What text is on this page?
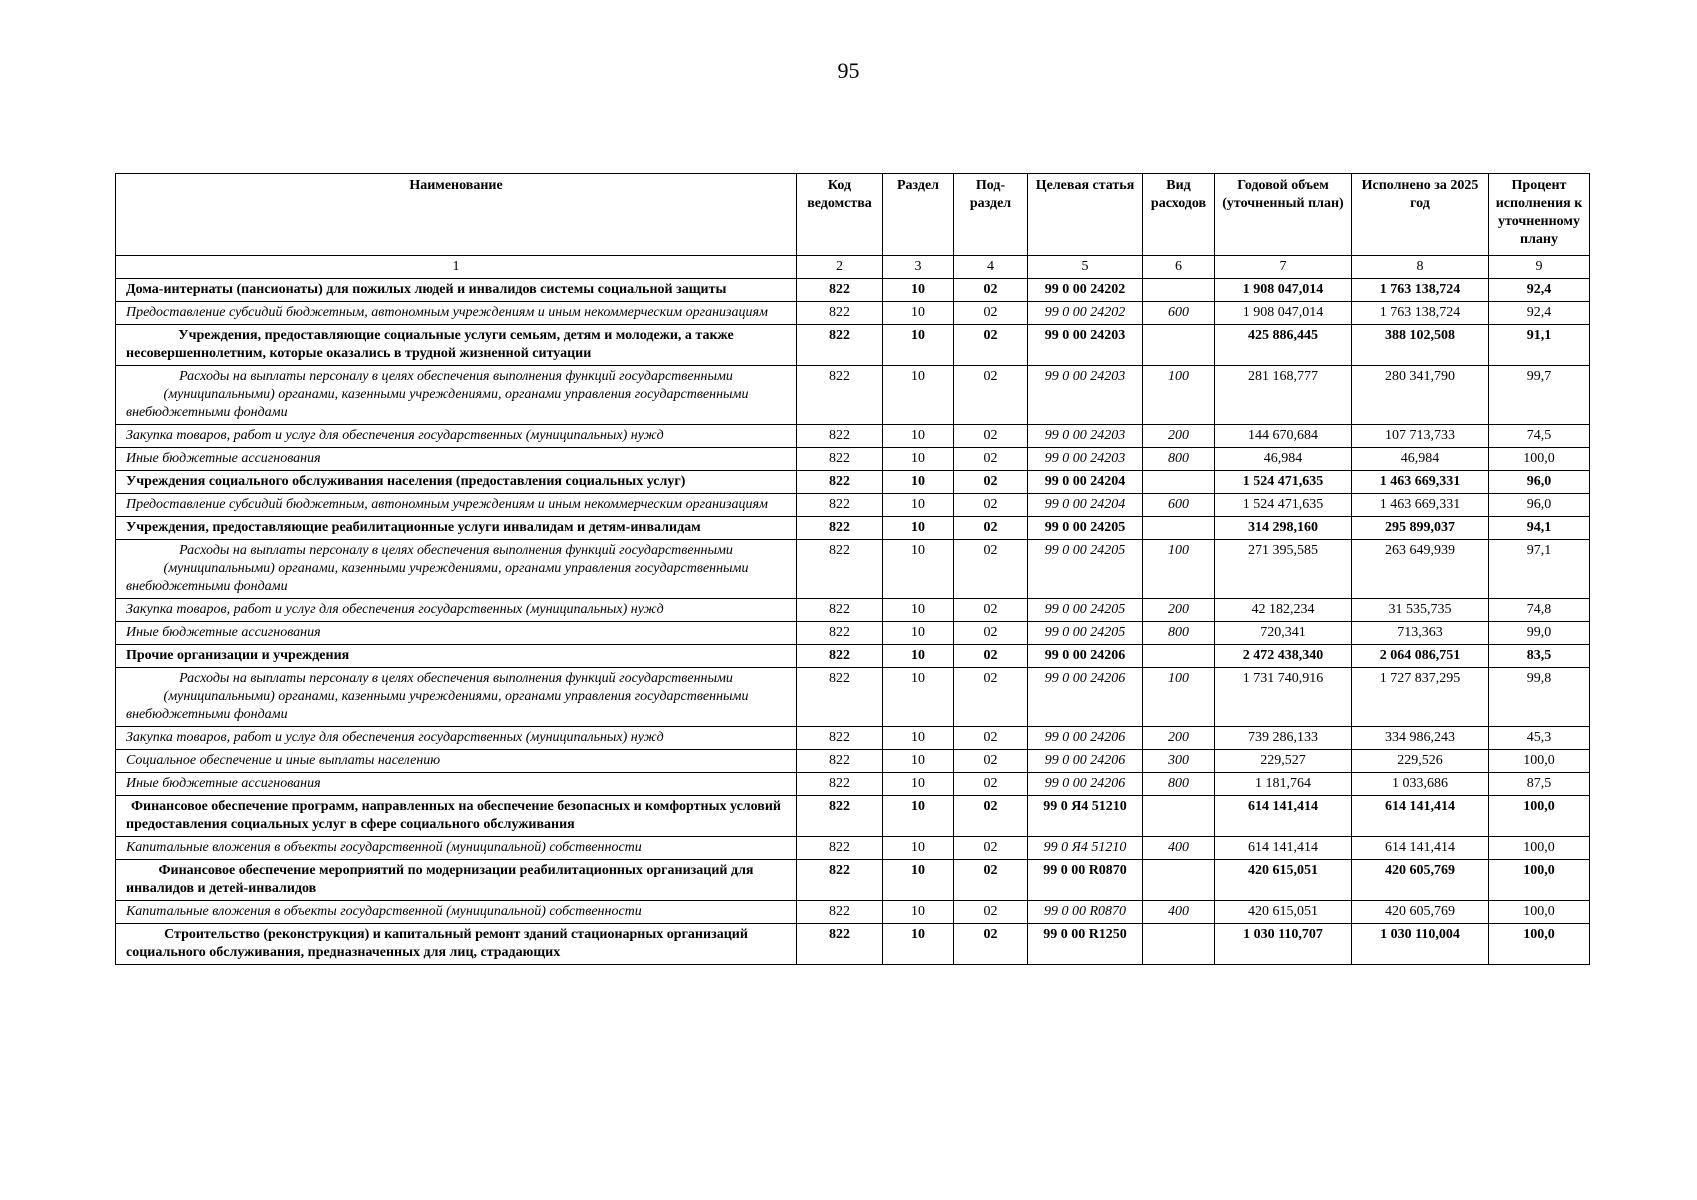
95
Наименование	Код ведомства	Раздел	Под-раздел	Целевая статья	Вид расходов	Годовой объем (уточненный план)	Исполнено за 2025 год	Процент исполнения к уточненному плану
1	2	3	4	5	6	7	8	9
Дома-интернаты (пансионаты) для пожилых людей и инвалидов системы социальной защиты	822	10	02	99 0 00 24202		1 908 047,014	1 763 138,724	92,4
Предоставление субсидий бюджетным, автономным учреждениям и иным некоммерческим организациям	822	10	02	99 0 00 24202	600	1 908 047,014	1 763 138,724	92,4
Учреждения, предоставляющие социальные услуги семьям, детям и молодежи, а также несовершеннолетним, которые оказались в трудной жизненной ситуации	822	10	02	99 0 00 24203		425 886,445	388 102,508	91,1
Расходы на выплаты персоналу в целях обеспечения выполнения функций государственными (муниципальными) органами, казенными учреждениями, органами управления государственными внебюджетными фондами	822	10	02	99 0 00 24203	100	281 168,777	280 341,790	99,7
Закупка товаров, работ и услуг для обеспечения государственных (муниципальных) нужд	822	10	02	99 0 00 24203	200	144 670,684	107 713,733	74,5
Иные бюджетные ассигнования	822	10	02	99 0 00 24203	800	46,984	46,984	100,0
Учреждения социального обслуживания населения (предоставления социальных услуг)	822	10	02	99 0 00 24204		1 524 471,635	1 463 669,331	96,0
Предоставление субсидий бюджетным, автономным учреждениям и иным некоммерческим организациям	822	10	02	99 0 00 24204	600	1 524 471,635	1 463 669,331	96,0
Учреждения, предоставляющие реабилитационные услуги инвалидам и детям-инвалидам	822	10	02	99 0 00 24205		314 298,160	295 899,037	94,1
Расходы на выплаты персоналу в целях обеспечения выполнения функций государственными (муниципальными) органами, казенными учреждениями, органами управления государственными внебюджетными фондами	822	10	02	99 0 00 24205	100	271 395,585	263 649,939	97,1
Закупка товаров, работ и услуг для обеспечения государственных (муниципальных) нужд	822	10	02	99 0 00 24205	200	42 182,234	31 535,735	74,8
Иные бюджетные ассигнования	822	10	02	99 0 00 24205	800	720,341	713,363	99,0
Прочие организации и учреждения	822	10	02	99 0 00 24206		2 472 438,340	2 064 086,751	83,5
Расходы на выплаты персоналу в целях обеспечения выполнения функций государственными (муниципальными) органами, казенными учреждениями, органами управления государственными внебюджетными фондами	822	10	02	99 0 00 24206	100	1 731 740,916	1 727 837,295	99,8
Закупка товаров, работ и услуг для обеспечения государственных (муниципальных) нужд	822	10	02	99 0 00 24206	200	739 286,133	334 986,243	45,3
Социальное обеспечение и иные выплаты населению	822	10	02	99 0 00 24206	300	229,527	229,526	100,0
Иные бюджетные ассигнования	822	10	02	99 0 00 24206	800	1 181,764	1 033,686	87,5
Финансовое обеспечение программ, направленных на обеспечение безопасных и комфортных условий предоставления социальных услуг в сфере социального обслуживания	822	10	02	99 0 Я4 51210		614 141,414	614 141,414	100,0
Капитальные вложения в объекты государственной (муниципальной) собственности	822	10	02	99 0 Я4 51210	400	614 141,414	614 141,414	100,0
Финансовое обеспечение мероприятий по модернизации реабилитационных организаций для инвалидов и детей-инвалидов	822	10	02	99 0 00 R0870		420 615,051	420 605,769	100,0
Капитальные вложения в объекты государственной (муниципальной) собственности	822	10	02	99 0 00 R0870	400	420 615,051	420 605,769	100,0
Строительство (реконструкция) и капитальный ремонт зданий стационарных организаций социального обслуживания, предназначенных для лиц, страдающих	822	10	02	99 0 00 R1250		1 030 110,707	1 030 110,004	100,0
